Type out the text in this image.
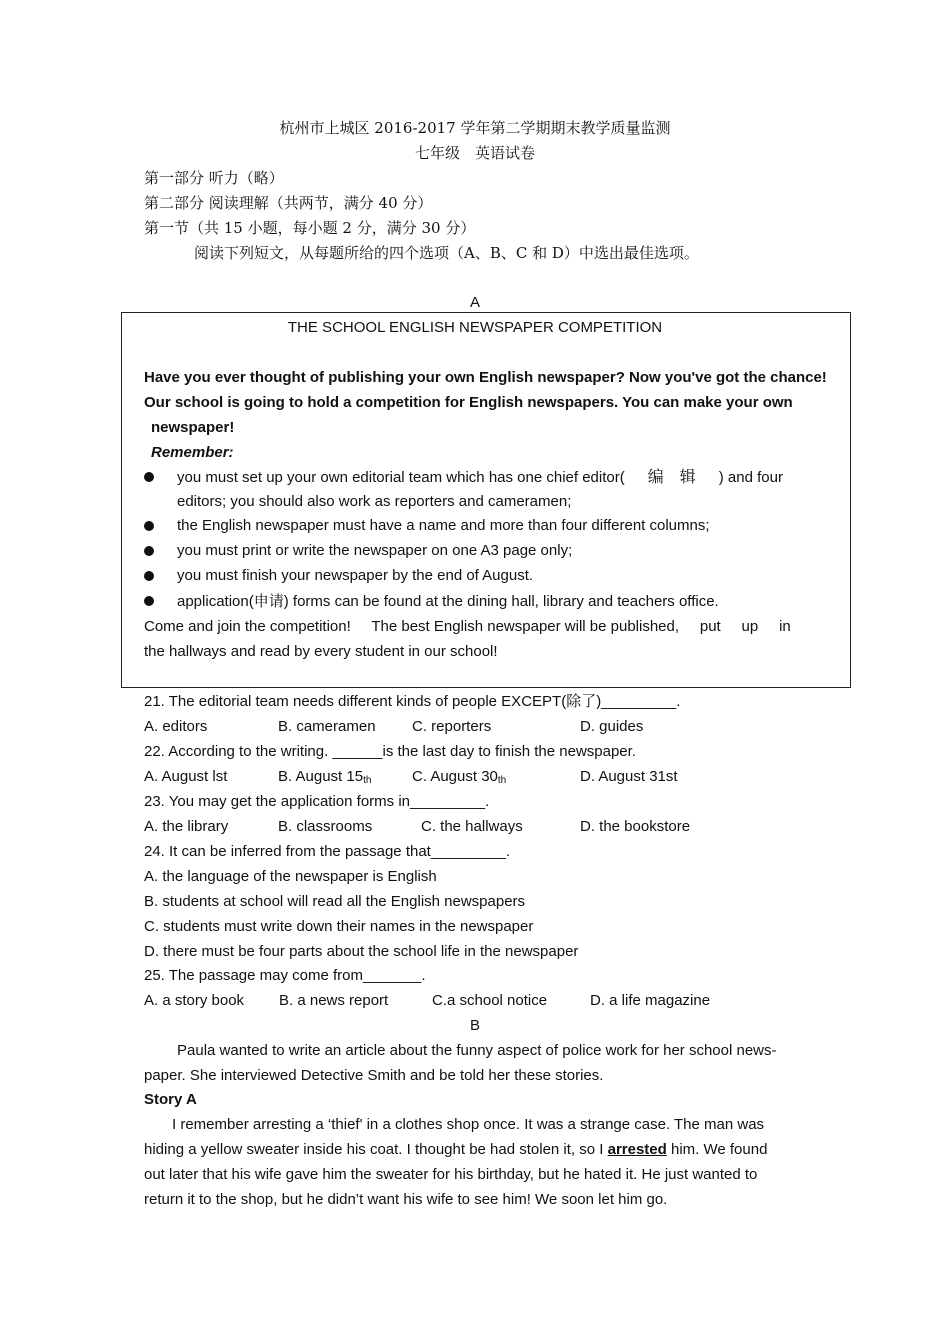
杭州市上城区 2016-2017 学年第二学期期末教学质量监测
七年级　英语试卷
第一部分 听力（略）
第二部分 阅读理解（共两节，满分 40 分）
第一节（共 15 小题，每小题 2 分，满分 30 分）
阅读下列短文，从每题所给的四个选项（A、B、C 和 D）中选出最佳选项。
A
THE SCHOOL ENGLISH NEWSPAPER COMPETITION
Have you ever thought of publishing your own English newspaper? Now you've got the chance!
Our school is going to hold a competition for English newspapers. You can make your own
newspaper!
Remember:
you must set up your own editorial team which has one chief editor( 编　辑 ) and four
editors; you should also work as reporters and cameramen;
the English newspaper must have a name and more than four different columns;
you must print or write the newspaper on one A3 page only;
you must finish your newspaper by the end of August.
application(申请) forms can be found at the dining hall, library and teachers office.
Come and join the competition!     The best English newspaper will be published,     put     up     in
the hallways and read by every student in our school!
21. The editorial team needs different kinds of people EXCEPT(除了)_________.
A. editors	B. cameramen C. reporters	D. guides
22. According to the writing. ______is the last day to finish the newspaper.
A. August lst	B. August $15_{th}$	C. August $30_{th}$	D. August 31st
23. You may get the application forms in_________.
A. the library	B. classrooms	C. the hallways	D. the bookstore
24. It can be inferred from the passage that_________.
A. the language of the newspaper is English
B. students at school will read all the English newspapers
C. students must write down their names in the newspaper
D. there must be four parts about the school life in the newspaper
25. The passage may come from_______.
A. a story book B. a news report	C.a school notice	D. a life magazine
B
Paula wanted to write an article about the funny aspect of police work for her school news-
paper. She interviewed Detective Smith and be told her these stories.
Story A
I remember arresting a ‘thief' in a clothes shop once. It was a strange case. The man was
hiding a yellow sweater inside his coat. I thought be had stolen it, so I arrested him. We found
out later that his wife gave him the sweater for his birthday, but he hated it. He just wanted to
return it to the shop, but he didn’t want his wife to see him! We soon let him go.
